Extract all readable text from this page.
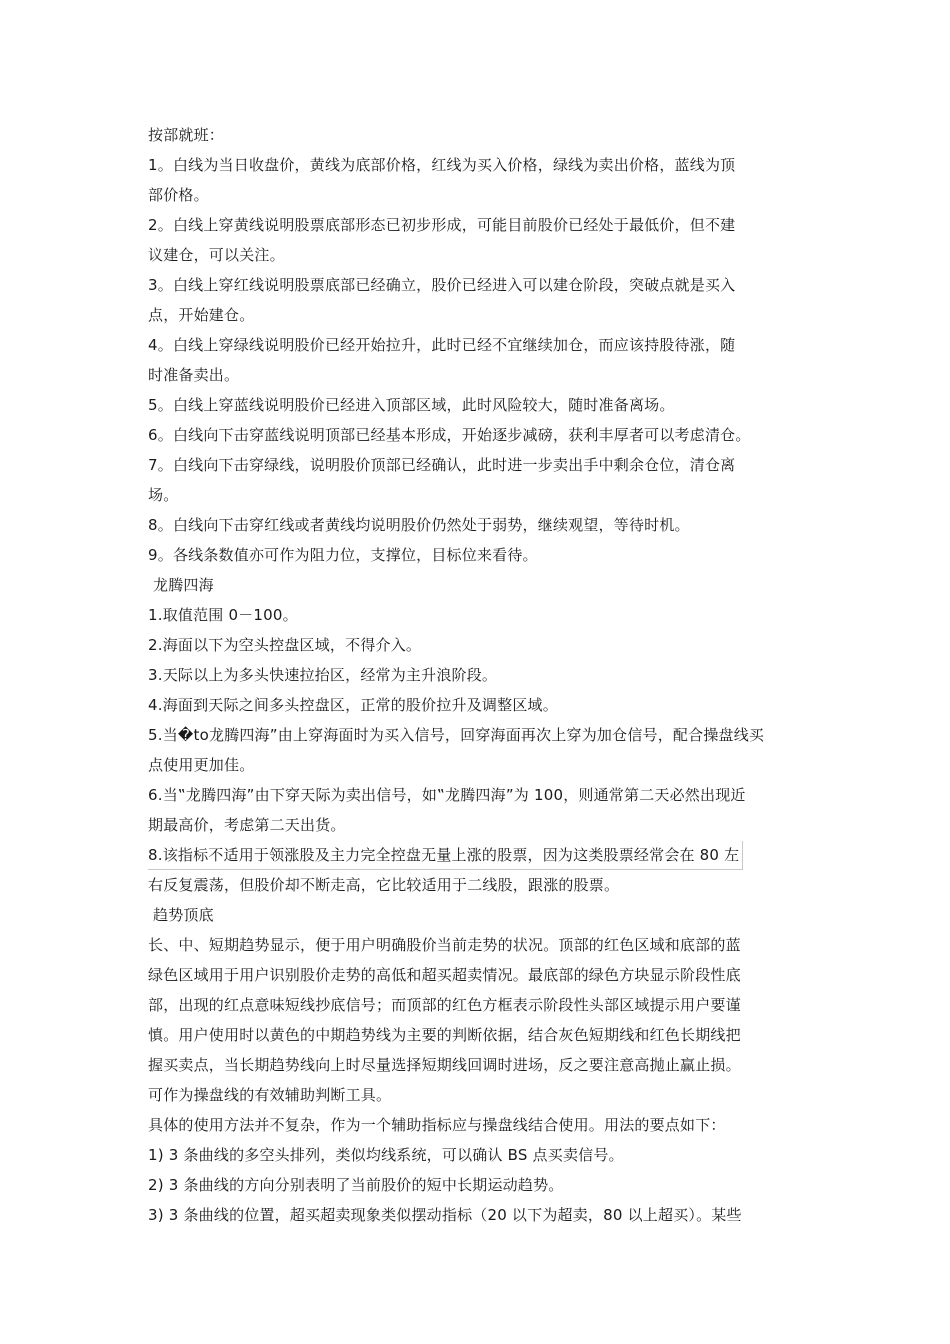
按部就班：
1。白线为当日收盘价，黄线为底部价格，红线为买入价格，绿线为卖出价格，蓝线为顶
部价格。
2。白线上穿黄线说明股票底部形态已初步形成，可能目前股价已经处于最低价，但不建
议建仓，可以关注。
3。白线上穿红线说明股票底部已经确立，股价已经进入可以建仓阶段，突破点就是买入
点，开始建仓。
4。白线上穿绿线说明股价已经开始拉升，此时已经不宜继续加仓，而应该持股待涨，随
时准备卖出。
5。白线上穿蓝线说明股价已经进入顶部区域，此时风险较大，随时准备离场。
6。白线向下击穿蓝线说明顶部已经基本形成，开始逐步减磅，获利丰厚者可以考虑清仓。
7。白线向下击穿绿线，说明股价顶部已经确认，此时进一步卖出手中剩余仓位，清仓离
场。
8。白线向下击穿红线或者黄线均说明股价仍然处于弱势，继续观望，等待时机。
9。各线条数值亦可作为阻力位，支撑位，目标位来看待。
龙腾四海
1.取值范围 0－100。
2.海面以下为空头控盘区域，不得介入。
3.天际以上为多头快速拉抬区，经常为主升浪阶段。
4.海面到天际之间多头控盘区，正常的股价拉升及调整区域。
5.当�to龙腾四海”由上穿海面时为买入信号，回穿海面再次上穿为加仓信号，配合操盘线买
点使用更加佳。
6.当‟龙腾四海”由下穿天际为卖出信号，如‟龙腾四海”为 100，则通常第二天必然出现近
期最高价，考虑第二天出货。
8.该指标不适用于领涨股及主力完全控盘无量上涨的股票，因为这类股票经常会在 80 左
右反复震荡，但股价却不断走高，它比较适用于二线股，跟涨的股票。
趋势顶底
长、中、短期趋势显示，便于用户明确股价当前走势的状况。顶部的红色区域和底部的蓝
绿色区域用于用户识别股价走势的高低和超买超卖情况。最底部的绿色方块显示阶段性底
部，出现的红点意味短线抄底信号；而顶部的红色方框表示阶段性头部区域提示用户要谨
慎。用户使用时以黄色的中期趋势线为主要的判断依据，结合灰色短期线和红色长期线把
握买卖点，当长期趋势线向上时尽量选择短期线回调时进场，反之要注意高抛止赢止损。
可作为操盘线的有效辅助判断工具。
具体的使用方法并不复杂，作为一个辅助指标应与操盘线结合使用。用法的要点如下：
1) 3 条曲线的多空头排列，类似均线系统，可以确认 BS 点买卖信号。
2) 3 条曲线的方向分别表明了当前股价的短中长期运动趋势。
3) 3 条曲线的位置，超买超卖现象类似摆动指标（20 以下为超卖，80 以上超买）。某些
